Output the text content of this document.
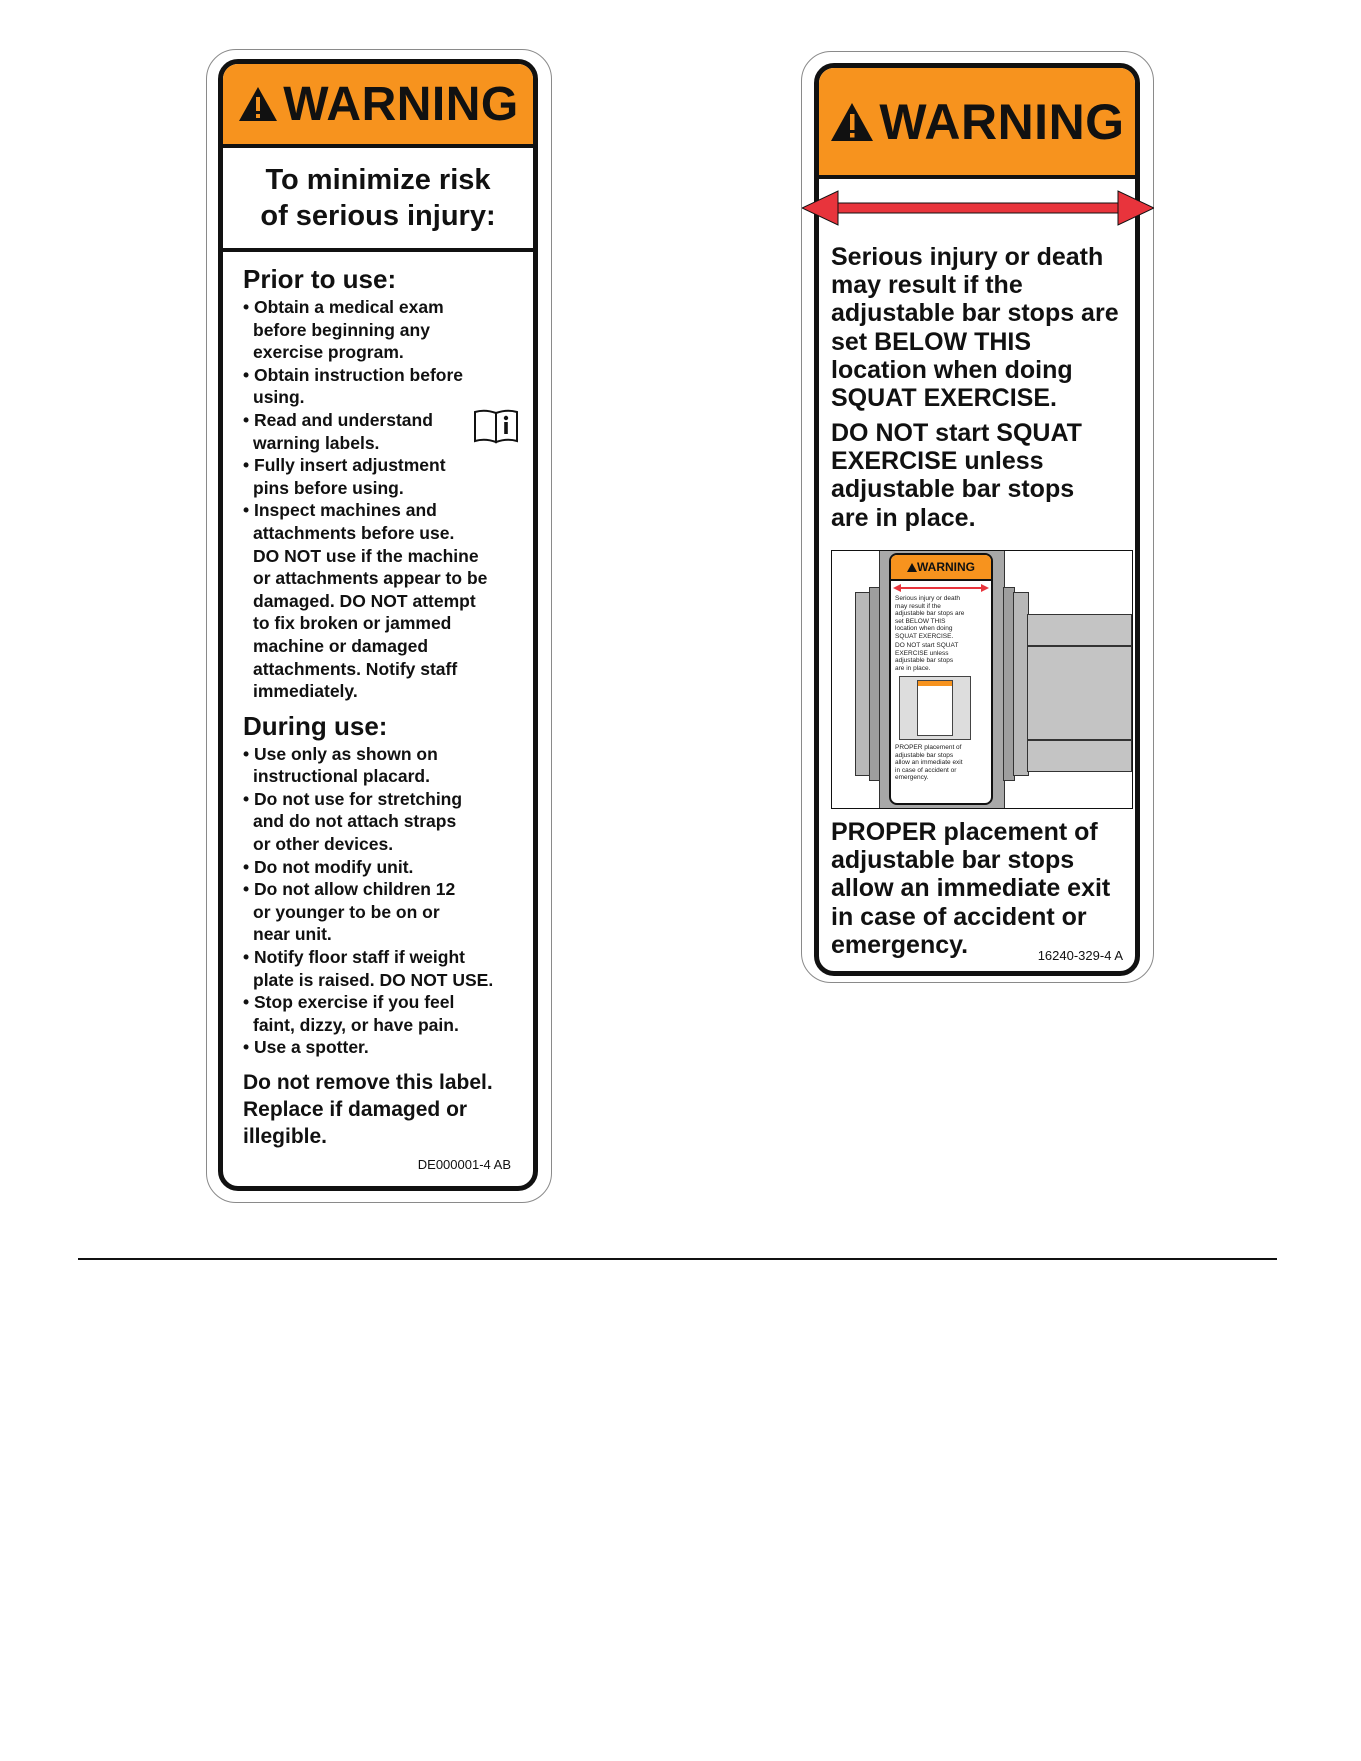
WARNING
To minimize risk
of serious injury:
Prior to use:
• Obtain a medical exam
before beginning any
exercise program.
• Obtain instruction before
using.
• Read and understand
warning labels.
• Fully insert adjustment
pins before using.
• Inspect machines and
attachments before use.
DO NOT use if the machine
or attachments appear to be
damaged. DO NOT attempt
to fix broken or jammed
machine or damaged
attachments. Notify staff
immediately.
During use:
• Use only as shown on
instructional placard.
• Do not use for stretching
and do not attach straps
or other devices.
• Do not modify unit.
• Do not allow children 12
or younger to be on or
near unit.
• Notify floor staff if weight
plate is raised. DO NOT USE.
• Stop exercise if you feel
faint, dizzy, or have pain.
• Use a spotter.
Do not remove this label.
Replace if damaged or
illegible.
DE000001-4 AB
WARNING
Serious injury or death
may result if the
adjustable bar stops are
set BELOW THIS
location when doing
SQUAT EXERCISE.
DO NOT start SQUAT
EXERCISE unless
adjustable bar stops
are in place.
WARNING
Serious injury or death
may result if the
adjustable bar stops are
set BELOW THIS
location when doing
SQUAT EXERCISE.
DO NOT start SQUAT
EXERCISE unless
adjustable bar stops
are in place.
PROPER placement of
adjustable bar stops
allow an immediate exit
in case of accident or
emergency.
PROPER placement of
adjustable bar stops
allow an immediate exit
in case of accident or
emergency.	16240-329-4 A
